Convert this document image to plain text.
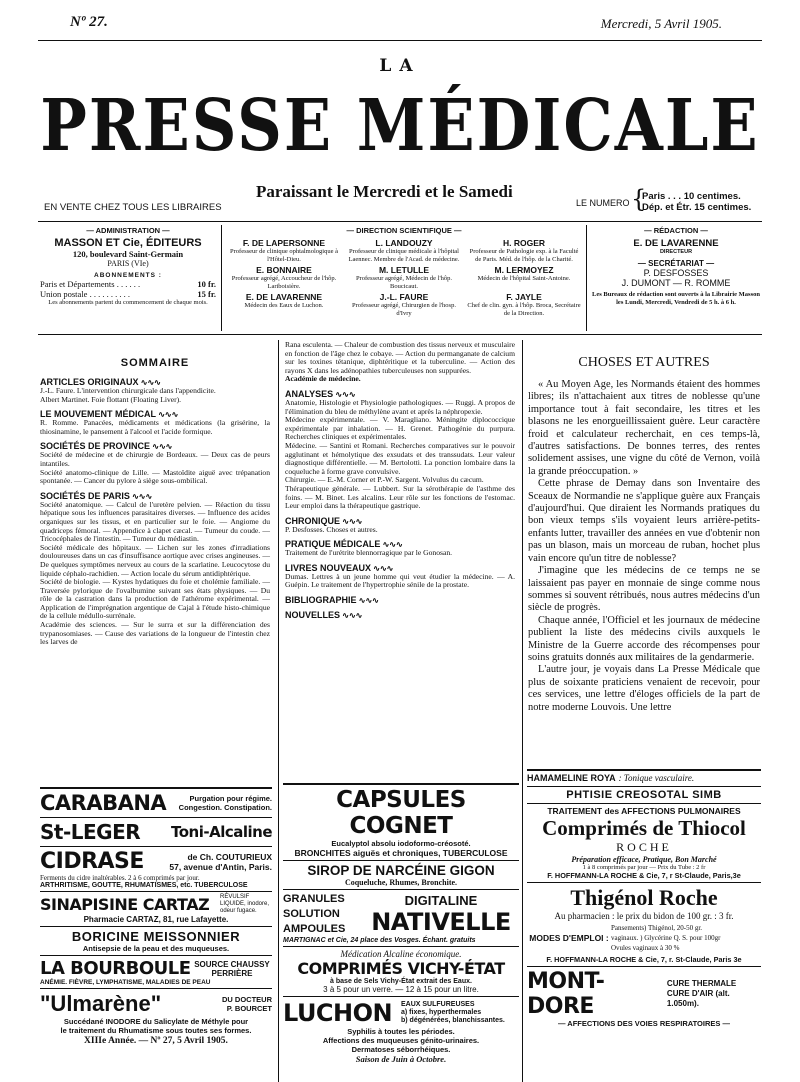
Nº 27.	Mercredi, 5 Avril 1905.
LA
PRESSE MÉDICALE
Paraissant le Mercredi et le Samedi
EN VENTE CHEZ TOUS LES LIBRAIRES	LE NUMERO {
Paris . . . 10 centimes.
Dép. et Étr. 15 centimes.
— ADMINISTRATION —
MASSON ET Cie, ÉDITEURS
120, boulevard Saint-Germain
PARIS (VIe)
ABONNEMENTS :
Paris et Départements . . . . . .	10 fr.
Union postale . . . . . . . . . .	15 fr.
Les abonnements partent du commencement de chaque mois.
— DIRECTION SCIENTIFIQUE —
F. DE LAPERSONNE
Professeur de clinique ophtalmologique à l'Hôtel-Dieu.
L. LANDOUZY
Professeur de clinique médicale à l'hôpital Laennec. Membre de l'Acad. de médecine.
H. ROGER
Professeur de Pathologie exp. à la Faculté de Paris. Méd. de l'hôp. de la Charité.
E. BONNAIRE
Professeur agrégé, Accoucheur de l'hôp. Lariboisière.
M. LETULLE
Professeur agrégé, Médecin de l'hôp. Boucicaut.
M. LERMOYEZ
Médecin de l'hôpital Saint-Antoine.
E. DE LAVARENNE
Médecin des Eaux de Luchon.
J.-L. FAURE
Professeur agrégé, Chirurgien de l'hosp. d'Ivry
F. JAYLE
Chef de clin. gyn. à l'hôp. Broca, Secrétaire de la Direction.
— RÉDACTION —
E. DE LAVARENNE
DIRECTEUR
— SECRÉTARIAT —
P. DESFOSSES
J. DUMONT — R. ROMME
Les Bureaux de rédaction sont ouverts à la Librairie Masson les Lundi, Mercredi, Vendredi de 5 h. à 6 h.
SOMMAIRE
ARTICLES ORIGINAUX ∿∿∿
J.-L. Faure. L'intervention chirurgicale dans l'appendicite.
Albert Martinet. Foie flottant (Floating Liver).
LE MOUVEMENT MÉDICAL ∿∿∿
R. Romme. Panacées, médicaments et médications (la grisérine, la thiosinamine, le pansement à l'alcool et l'acide formique.
SOCIÉTÉS DE PROVINCE ∿∿∿
Société de médecine et de chirurgie de Bordeaux. — Deux cas de peurs intantiles.
Société anatomo-clinique de Lille. — Mastoïdite aiguë avec trépanation spontanée. — Cancer du pylore à siège sous-ombilical.
SOCIÉTÉS DE PARIS ∿∿∿
Société anatomique. — Calcul de l'uretère pelvien. — Réaction du tissu hépatique sous les influences parasitaires diverses. — Influence des acides organiques sur les tissus, et en particulier sur le foie. — Angiome du quadriceps fémoral. — Appendice à clapet cæcal. — Tumeur du coude. — Tricocéphales de l'intestin. — Tumeur du médiastin.
Société médicale des hôpitaux. — Lichen sur les zones d'irradiations douloureuses dans un cas d'insuffisance aortique avec crises angineuses. — De quelques symptômes nerveux au cours de la scarlatine. Leucocytose du liquide céphalo-rachidien. — Action locale du sérum antidiphtérique.
Société de biologie. — Kystes hydatiques du foie et cholémie familiale. — Traversée pylorique de l'ovalbumine suivant ses états physiques. — Du rôle de la castration dans la production de l'athérome expérimental. — Application de l'imprégnation argentique de Cajal à l'étude histo-chimique de la cellule médullo-surrénale.
Académie des sciences. — Sur le surra et sur la différenciation des trypanosomiases. — Cause des variations de la longueur de l'intestin chez les larves de
Rana esculenta. — Chaleur de combustion des tissus nerveux et musculaire en fonction de l'âge chez le cobaye. — Action du permanganate de calcium sur les toxines tétanique, diphtéritique et la tuberculine. — Action des rayons X dans les adénopathies tuberculeuses non suppurées.
Académie de médecine.
ANALYSES ∿∿∿
Anatomie, Histologie et Physiologie pathologiques. — Ruggi. A propos de l'élimination du bleu de méthylène avant et après la néphropexie.
Médecine expérimentale. — V. Maragliano. Méningite diplococcique expérimentale par inhalation. — H. Grenet. Pathogénie du purpura. Recherches cliniques et expérimentales.
Médecine. — Santini et Romani. Recherches comparatives sur le pouvoir agglutinant et hémolytique des exsudats et des transsudats. Leur valeur diagnostique différentielle. — M. Bertolotti. La ponction lombaire dans la coqueluche à forme grave convulsive.
Chirurgie. — E.-M. Corner et P.-W. Sargent. Volvulus du cæcum.
Thérapeutique générale. — Lubbert. Sur la sérothérapie de l'asthme des foins. — M. Binet. Les alcalins. Leur rôle sur les fonctions de l'estomac. Leur emploi dans la thérapeutique gastrique.
CHRONIQUE ∿∿∿
P. Desfosses. Choses et autres.
PRATIQUE MÉDICALE ∿∿∿
Traitement de l'urétrite blennorragique par le Gonosan.
LIVRES NOUVEAUX ∿∿∿
Dumas. Lettres à un jeune homme qui veut étudier la médecine. — A. Guépin. Le traitement de l'hypertrophie sénile de la prostate.
BIBLIOGRAPHIE ∿∿∿
NOUVELLES ∿∿∿
CHOSES ET AUTRES
« Au Moyen Age, les Normands étaient des hommes libres; ils n'attachaient aux titres de noblesse qu'une importance tout à fait secondaire, les titres et les blasons ne les enorgueillissaient guère. Leur caractère froid et calculateur recherchait, en ces temps-là, d'autres satisfactions. De bonnes terres, des rentes solidement assises, une vigne du côté de Vernon, voilà la grande préoccupation. »
Cette phrase de Demay dans son Inventaire des Sceaux de Normandie ne s'applique guère aux Français d'aujourd'hui. Que diraient les Normands pratiques du bon vieux temps s'ils voyaient leurs arrière-petits-enfants lutter, travailler des années en vue d'obtenir non pas un blason, mais un morceau de ruban, hochet plus vain encore qu'un titre de noblesse?
J'imagine que les médecins de ce temps ne se laissaient pas payer en monnaie de singe comme nous sommes si souvent rétribués, nous autres médecins d'un siècle de progrès.
Chaque année, l'Officiel et les journaux de médecine publient la liste des médecins civils auxquels le Ministre de la Guerre accorde des récompenses pour soins gratuits donnés aux militaires de la gendarmerie.
L'autre jour, je voyais dans La Presse Médicale que plus de soixante praticiens venaient de recevoir, pour ces services, une lettre d'éloges officiels de la part de notre moderne Louvois. Une lettre
CARABANA	Purgation pour régime.
Congestion. Constipation.
St-LEGER Toni-Alcaline
CIDRASE	de Ch. COUTURIEUX
57, avenue d'Antin, Paris.
Ferments du cidre inaltérables. 2 à 6 comprimés par jour.
ARTHRITISME, GOUTTE, RHUMATISMES, etc. TUBERCULOSE
SINAPISINE CARTAZ RÉVULSIF LIQUIDE, inodore, odeur fugace.
Pharmacie CARTAZ, 81, rue Lafayette.
BORICINE MEISSONNIER
Antisepsie de la peau et des muqueuses.
LA BOURBOULE SOURCE CHAUSSY PERRIÈRE
ANÉMIE. FIÈVRE, LYMPHATISME, MALADIES DE PEAU
"Ulmarène"	DU DOCTEUR
P. BOURCET
Succédané INODORE du Salicylate de Méthyle pour
le traitement du Rhumatisme sous toutes ses formes.
XIIIe Année. — Nº 27, 5 Avril 1905.
CAPSULES COGNET
Eucalyptol absolu iodoformo-créosoté.
BRONCHITES aiguës et chroniques, TUBERCULOSE
SIROP DE NARCÉINE GIGON
Coqueluche, Rhumes, Bronchite.
GRANULES
SOLUTION
AMPOULES
DIGITALINE
NATIVELLE
MARTIGNAC et Cie, 24 place des Vosges. Échant. gratuits
Médication Alcaline économique.
COMPRIMÉS VICHY-ÉTAT
à base de Sels Vichy-État extrait des Eaux.
3 à 5 pour un verre. — 12 à 15 pour un litre.
LUCHON EAUX SULFUREUSES
a) fixes, hyperthermales
b) dégénérées, blanchissantes.
Syphilis à toutes les périodes.
Affections des muqueuses génito-urinaires.
Dermatoses séborrhéiques.
Saison de Juin à Octobre.
HAMAMELINE ROYA : Tonique vasculaire.
PHTISIE CREOSOTAL SIMB
TRAITEMENT des AFFECTIONS PULMONAIRES
Comprimés de Thiocol
ROCHE
Préparation efficace, Pratique, Bon Marché
1 à 8 comprimés par jour — Prix du Tube : 2 fr
F. HOFFMANN-LA ROCHE & Cie, 7, r St-Claude, Paris,3e
Thigénol Roche
Au pharmacien : le prix du bidon de 100 gr. : 3 fr.
MODES D'EMPLOI :
Pansements) Thigénol, 20-50 gr.
vaginaux. ) Glycérine Q. S. pour 100gr
Ovules vaginaux à 30 %
F. HOFFMANN-LA ROCHE & Cie, 7, r. St-Claude, Paris 3e
MONT-DORE
CURE THERMALE
CURE D'AIR (alt. 1.050m).
— AFFECTIONS DES VOIES RESPIRATOIRES —
